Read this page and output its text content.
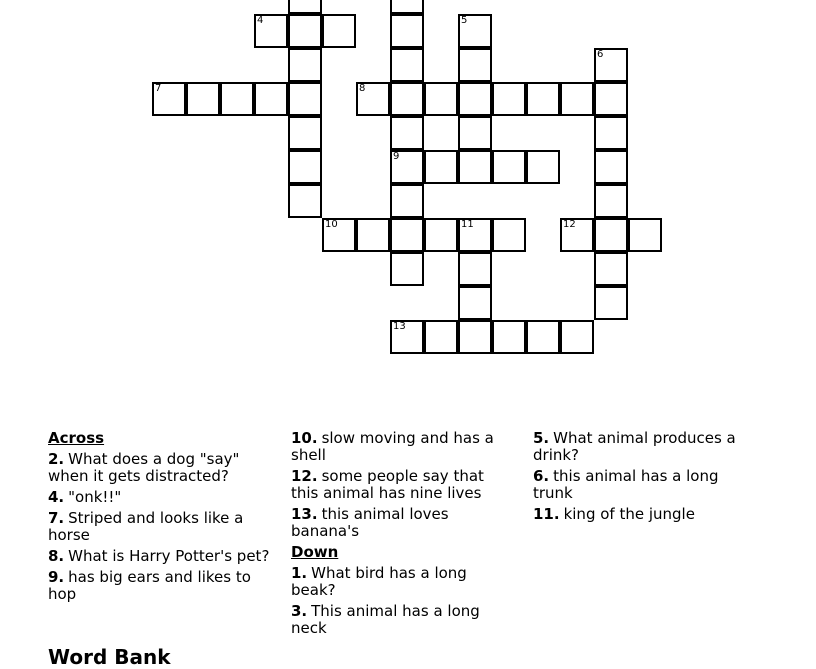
4	5
6
7	8
9
10	11	12
13
Across
2. What does a dog "say" when it gets distracted?
4. "onk!!"
7. Striped and looks like a horse
8. What is Harry Potter's pet?
9. has big ears and likes to hop
10. slow moving and has a shell
12. some people say that this animal has nine lives
13. this animal loves banana's
Down
1. What bird has a long beak?
3. This animal has a long neck
5. What animal produces a drink?
6. this animal has a long trunk
11. king of the jungle
Word Bank
